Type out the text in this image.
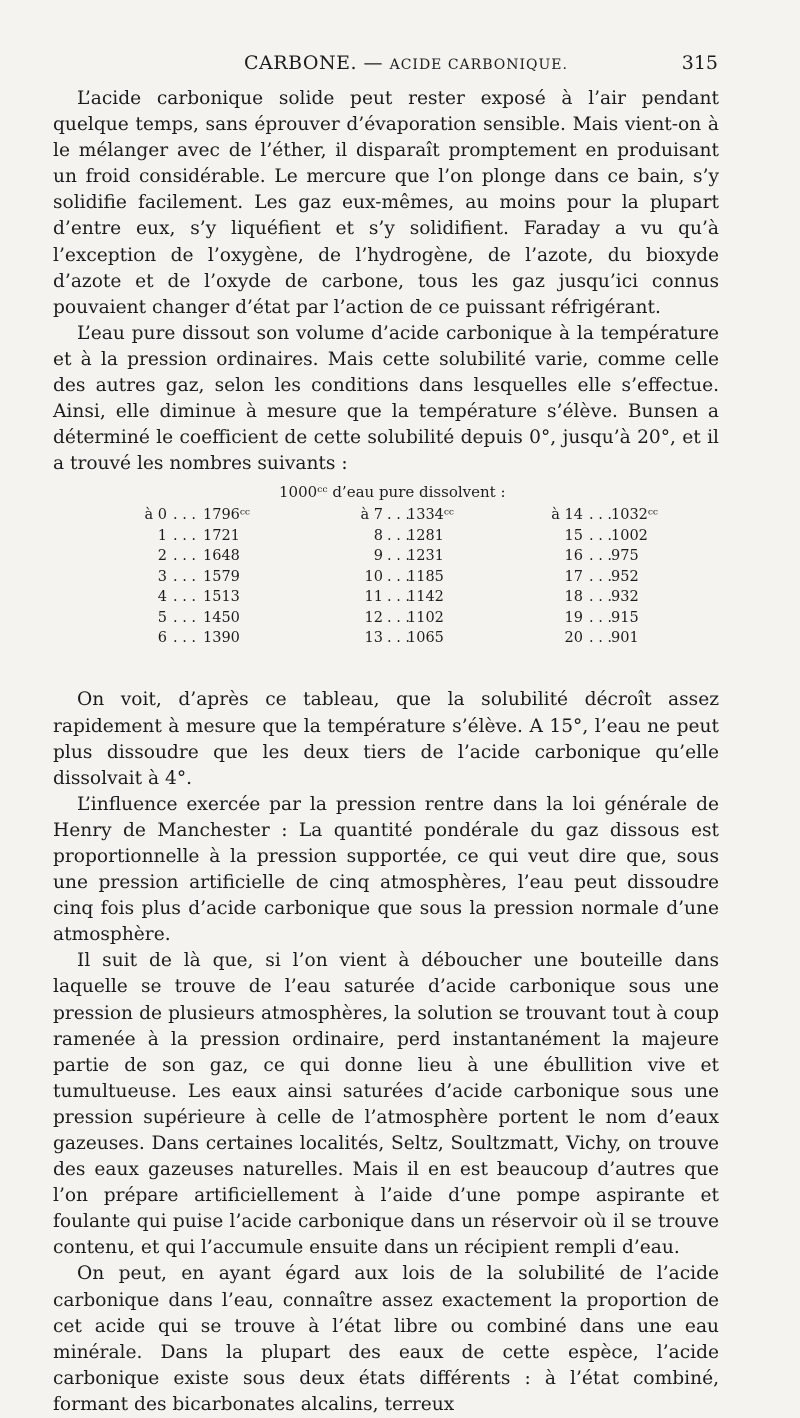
CARBONE. — ACIDE CARBONIQUE.	315

L’acide carbonique solide peut rester exposé à l’air pendant quelque temps, sans éprouver d’évaporation sensible. Mais vient-on à le mélanger avec de l’éther, il disparaît promptement en produisant un froid considérable. Le mercure que l’on plonge dans ce bain, s’y solidifie facilement. Les gaz eux-mêmes, au moins pour la plupart d’entre eux, s’y liquéfient et s’y solidifient. Faraday a vu qu’à l’exception de l’oxygène, de l’hydrogène, de l’azote, du bioxyde d’azote et de l’oxyde de carbone, tous les gaz jusqu’ici connus pouvaient changer d’état par l’action de ce puissant réfrigérant.

L’eau pure dissout son volume d’acide carbonique à la température et à la pression ordinaires. Mais cette solubilité varie, comme celle des autres gaz, selon les conditions dans lesquelles elle s’effectue. Ainsi, elle diminue à mesure que la température s’élève. Bunsen a déterminé le coefficient de cette solubilité depuis 0°, jusqu’à 20°, et il a trouvé les nombres suivants :

1000ᶜᶜ d’eau pure dissolvent :
à 0 . . . 1796ᶜᶜ
1 . . . 1721
2 . . . 1648
3 . . . 1579
4 . . . 1513
5 . . . 1450
6 . . . 1390
à 7 . . .
1334ᶜᶜ
8 . . .
1281
9 . . .
1231
10 . . .
1185
11 . . .
1142
12 . . .
1102
13 . . .
1065
à 14 . . .
1032ᶜᶜ
15 . . .
1002
16 . . .
975
17 . . .
952
18 . . .
932
19 . . .
915
20 . . .
901

On voit, d’après ce tableau, que la solubilité décroît assez rapidement à mesure que la température s’élève. A 15°, l’eau ne peut plus dissoudre que les deux tiers de l’acide carbonique qu’elle dissolvait à 4°.

L’influence exercée par la pression rentre dans la loi générale de Henry de Manchester : La quantité pondérale du gaz dissous est proportionnelle à la pression supportée, ce qui veut dire que, sous une pression artificielle de cinq atmosphères, l’eau peut dissoudre cinq fois plus d’acide carbonique que sous la pression normale d’une atmosphère.

Il suit de là que, si l’on vient à déboucher une bouteille dans laquelle se trouve de l’eau saturée d’acide carbonique sous une pression de plusieurs atmosphères, la solution se trouvant tout à coup ramenée à la pression ordinaire, perd instantanément la majeure partie de son gaz, ce qui donne lieu à une ébullition vive et tumultueuse. Les eaux ainsi saturées d’acide carbonique sous une pression supérieure à celle de l’atmosphère portent le nom d’eaux gazeuses. Dans certaines localités, Seltz, Soultzmatt, Vichy, on trouve des eaux gazeuses naturelles. Mais il en est beaucoup d’autres que l’on prépare artificiellement à l’aide d’une pompe aspirante et foulante qui puise l’acide carbonique dans un réservoir où il se trouve contenu, et qui l’accumule ensuite dans un récipient rempli d’eau.

On peut, en ayant égard aux lois de la solubilité de l’acide carbonique dans l’eau, connaître assez exactement la proportion de cet acide qui se trouve à l’état libre ou combiné dans une eau minérale. Dans la plupart des eaux de cette espèce, l’acide carbonique existe sous deux états différents : à l’état combiné, formant des bicarbonates alcalins, terreux
